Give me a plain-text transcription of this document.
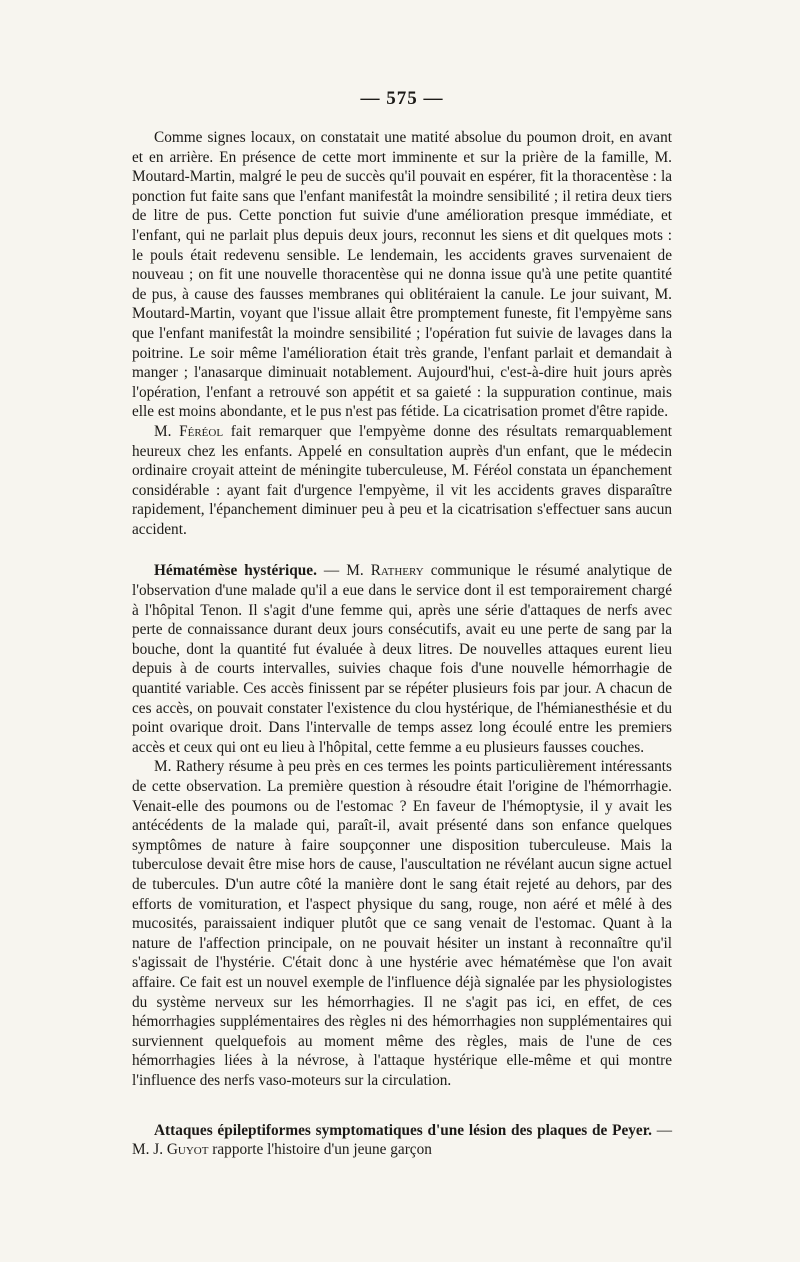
— 575 —

Comme signes locaux, on constatait une matité absolue du poumon droit, en avant et en arrière. En présence de cette mort imminente et sur la prière de la famille, M. Moutard-Martin, malgré le peu de succès qu'il pouvait en espérer, fit la thoracentèse : la ponction fut faite sans que l'enfant manifestât la moindre sensibilité ; il retira deux tiers de litre de pus. Cette ponction fut suivie d'une amélioration presque immédiate, et l'enfant, qui ne parlait plus depuis deux jours, reconnut les siens et dit quelques mots : le pouls était redevenu sensible. Le lendemain, les accidents graves survenaient de nouveau ; on fit une nouvelle thoracentèse qui ne donna issue qu'à une petite quantité de pus, à cause des fausses membranes qui oblitéraient la canule. Le jour suivant, M. Moutard-Martin, voyant que l'issue allait être promptement funeste, fit l'empyème sans que l'enfant manifestât la moindre sensibilité ; l'opération fut suivie de lavages dans la poitrine. Le soir même l'amélioration était très grande, l'enfant parlait et demandait à manger ; l'anasarque diminuait notablement. Aujourd'hui, c'est-à-dire huit jours après l'opération, l'enfant a retrouvé son appétit et sa gaieté : la suppuration continue, mais elle est moins abondante, et le pus n'est pas fétide. La cicatrisation promet d'être rapide.

M. Féréol fait remarquer que l'empyème donne des résultats remarquablement heureux chez les enfants. Appelé en consultation auprès d'un enfant, que le médecin ordinaire croyait atteint de méningite tuberculeuse, M. Féréol constata un épanchement considérable : ayant fait d'urgence l'empyème, il vit les accidents graves disparaître rapidement, l'épanchement diminuer peu à peu et la cicatrisation s'effectuer sans aucun accident.

Hématémèse hystérique. — M. Rathery communique le résumé analytique de l'observation d'une malade qu'il a eue dans le service dont il est temporairement chargé à l'hôpital Tenon. Il s'agit d'une femme qui, après une série d'attaques de nerfs avec perte de connaissance durant deux jours consécutifs, avait eu une perte de sang par la bouche, dont la quantité fut évaluée à deux litres. De nouvelles attaques eurent lieu depuis à de courts intervalles, suivies chaque fois d'une nouvelle hémorrhagie de quantité variable. Ces accès finissent par se répéter plusieurs fois par jour. A chacun de ces accès, on pouvait constater l'existence du clou hystérique, de l'hémianesthésie et du point ovarique droit. Dans l'intervalle de temps assez long écoulé entre les premiers accès et ceux qui ont eu lieu à l'hôpital, cette femme a eu plusieurs fausses couches.

M. Rathery résume à peu près en ces termes les points particulièrement intéressants de cette observation. La première question à résoudre était l'origine de l'hémorrhagie. Venait-elle des poumons ou de l'estomac ? En faveur de l'hémoptysie, il y avait les antécédents de la malade qui, paraît-il, avait présenté dans son enfance quelques symptômes de nature à faire soupçonner une disposition tuberculeuse. Mais la tuberculose devait être mise hors de cause, l'auscultation ne révélant aucun signe actuel de tubercules. D'un autre côté la manière dont le sang était rejeté au dehors, par des efforts de vomituration, et l'aspect physique du sang, rouge, non aéré et mêlé à des mucosités, paraissaient indiquer plutôt que ce sang venait de l'estomac. Quant à la nature de l'affection principale, on ne pouvait hésiter un instant à reconnaître qu'il s'agissait de l'hystérie. C'était donc à une hystérie avec hématémèse que l'on avait affaire. Ce fait est un nouvel exemple de l'influence déjà signalée par les physiologistes du système nerveux sur les hémorrhagies. Il ne s'agit pas ici, en effet, de ces hémorrhagies supplémentaires des règles ni des hémorrhagies non supplémentaires qui surviennent quelquefois au moment même des règles, mais de l'une de ces hémorrhagies liées à la névrose, à l'attaque hystérique elle-même et qui montre l'influence des nerfs vaso-moteurs sur la circulation.

Attaques épileptiformes symptomatiques d'une lésion des plaques de Peyer. — M. J. Guyot rapporte l'histoire d'un jeune garçon
